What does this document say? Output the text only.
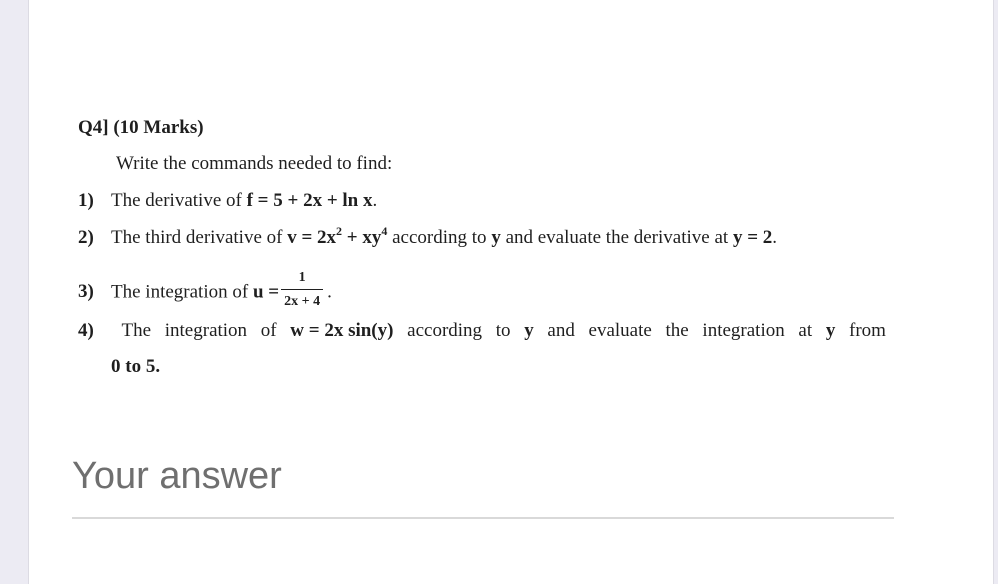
Q4] (10 Marks)
Write the commands needed to find:
1) The derivative of f = 5 + 2x + ln x.
2) The third derivative of $v = 2x^2 + xy^4$ according to y and evaluate the derivative at y = 2.
3) The integration of $u = \frac{1}{2x + 4}$ .
4) The integration of w = 2x sin(y) according to y and evaluate the integration at y from
0 to 5.
Your answer
